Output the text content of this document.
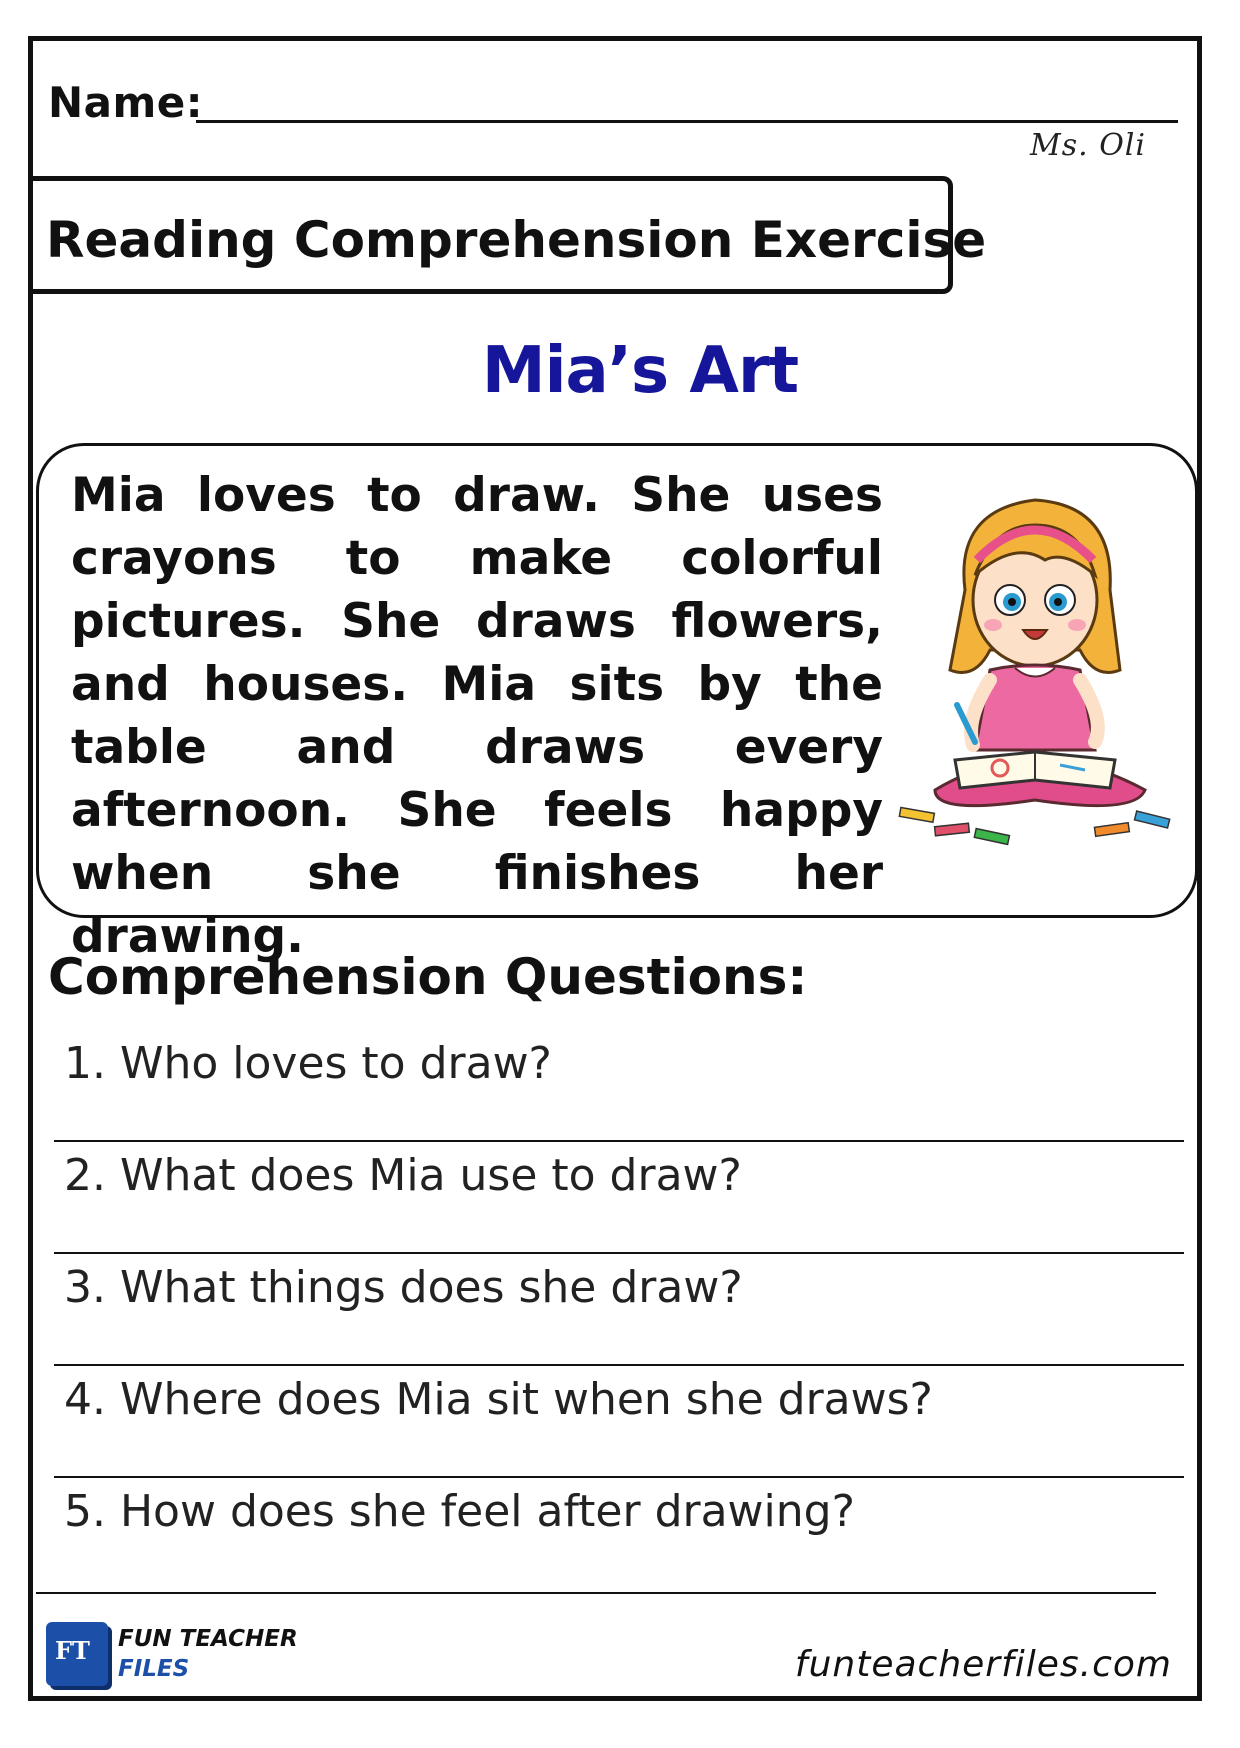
Name:
Ms. Oli
Reading Comprehension Exercise
Mia’s Art
Mia loves to draw. She uses crayons to make colorful pictures. She draws flowers, and houses. Mia sits by the table and draws every afternoon. She feels happy when she finishes her drawing.
Comprehension Questions:
1. Who loves to draw?
2. What does Mia use to draw?
3. What things does she draw?
4. Where does Mia sit when she draws?
5. How does she feel after drawing?
FT FUN TEACHER
FILES	funteacherfiles.com
